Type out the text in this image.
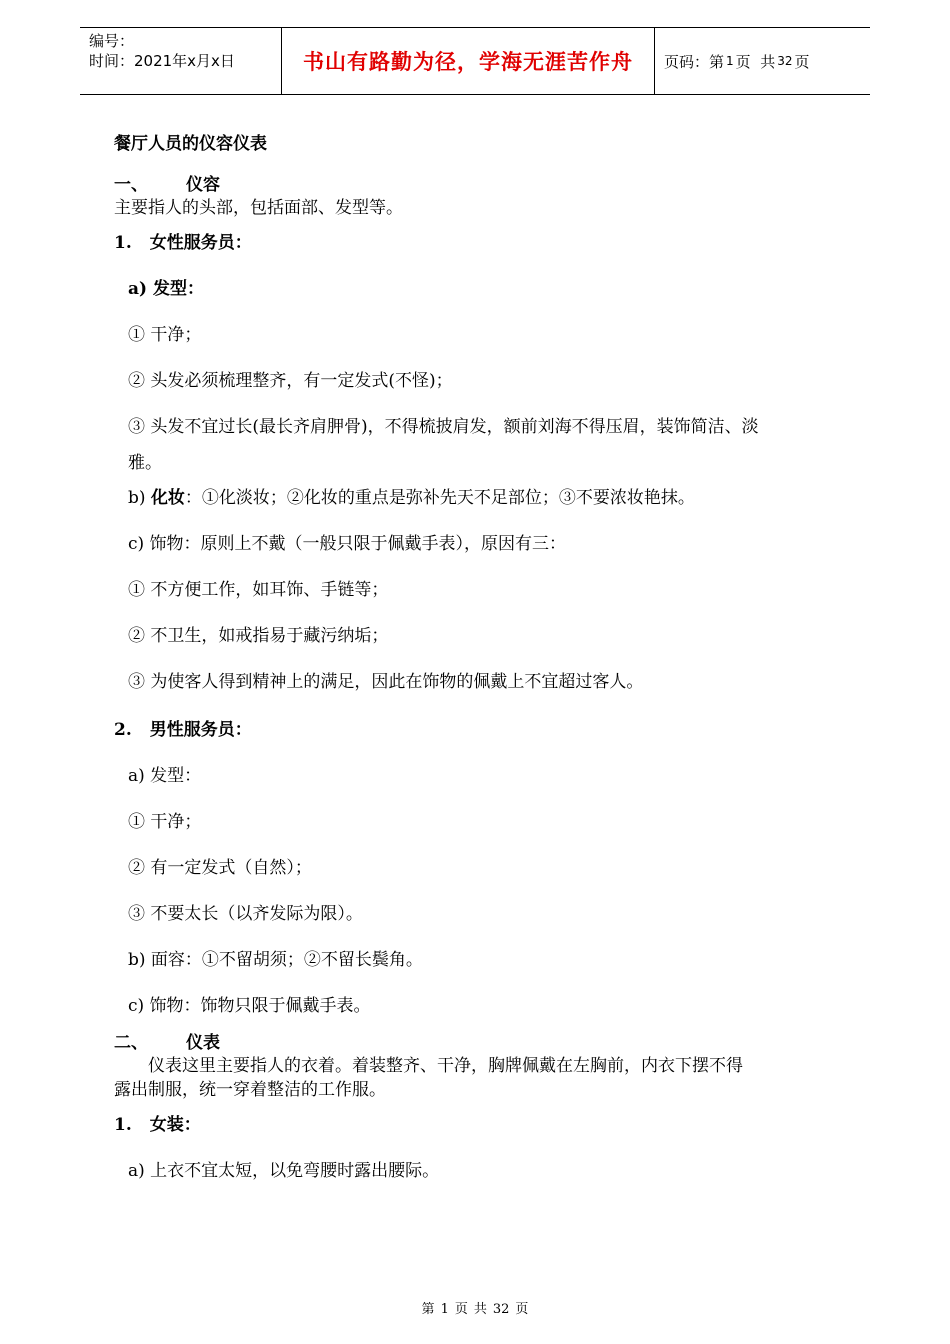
编号：
时间：2021年x月x日	书山有路勤为径，学海无涯苦作舟 页码：第 1 页  共 32 页
餐厅人员的仪容仪表
一、 仪容
主要指人的头部，包括面部、发型等。
1. 女性服务员：
a) 发型：
① 干净；
② 头发必须梳理整齐，有一定发式(不怪)；
③ 头发不宜过长(最长齐肩胛骨)，不得梳披肩发，额前刘海不得压眉，装饰简洁、淡
雅。
b) 化妆：①化淡妆；②化妆的重点是弥补先天不足部位；③不要浓妆艳抹。
c) 饰物：原则上不戴（一般只限于佩戴手表），原因有三：
① 不方便工作，如耳饰、手链等；
② 不卫生，如戒指易于藏污纳垢；
③ 为使客人得到精神上的满足，因此在饰物的佩戴上不宜超过客人。
2. 男性服务员：
a) 发型：
① 干净；
② 有一定发式（自然）；
③ 不要太长（以齐发际为限）。
b) 面容：①不留胡须；②不留长鬓角。
c) 饰物：饰物只限于佩戴手表。
二、 仪表
仪表这里主要指人的衣着。着装整齐、干净，胸牌佩戴在左胸前，内衣下摆不得
露出制服，统一穿着整洁的工作服。
1. 女装：
a) 上衣不宜太短，以免弯腰时露出腰际。
第 1 页 共 32 页
